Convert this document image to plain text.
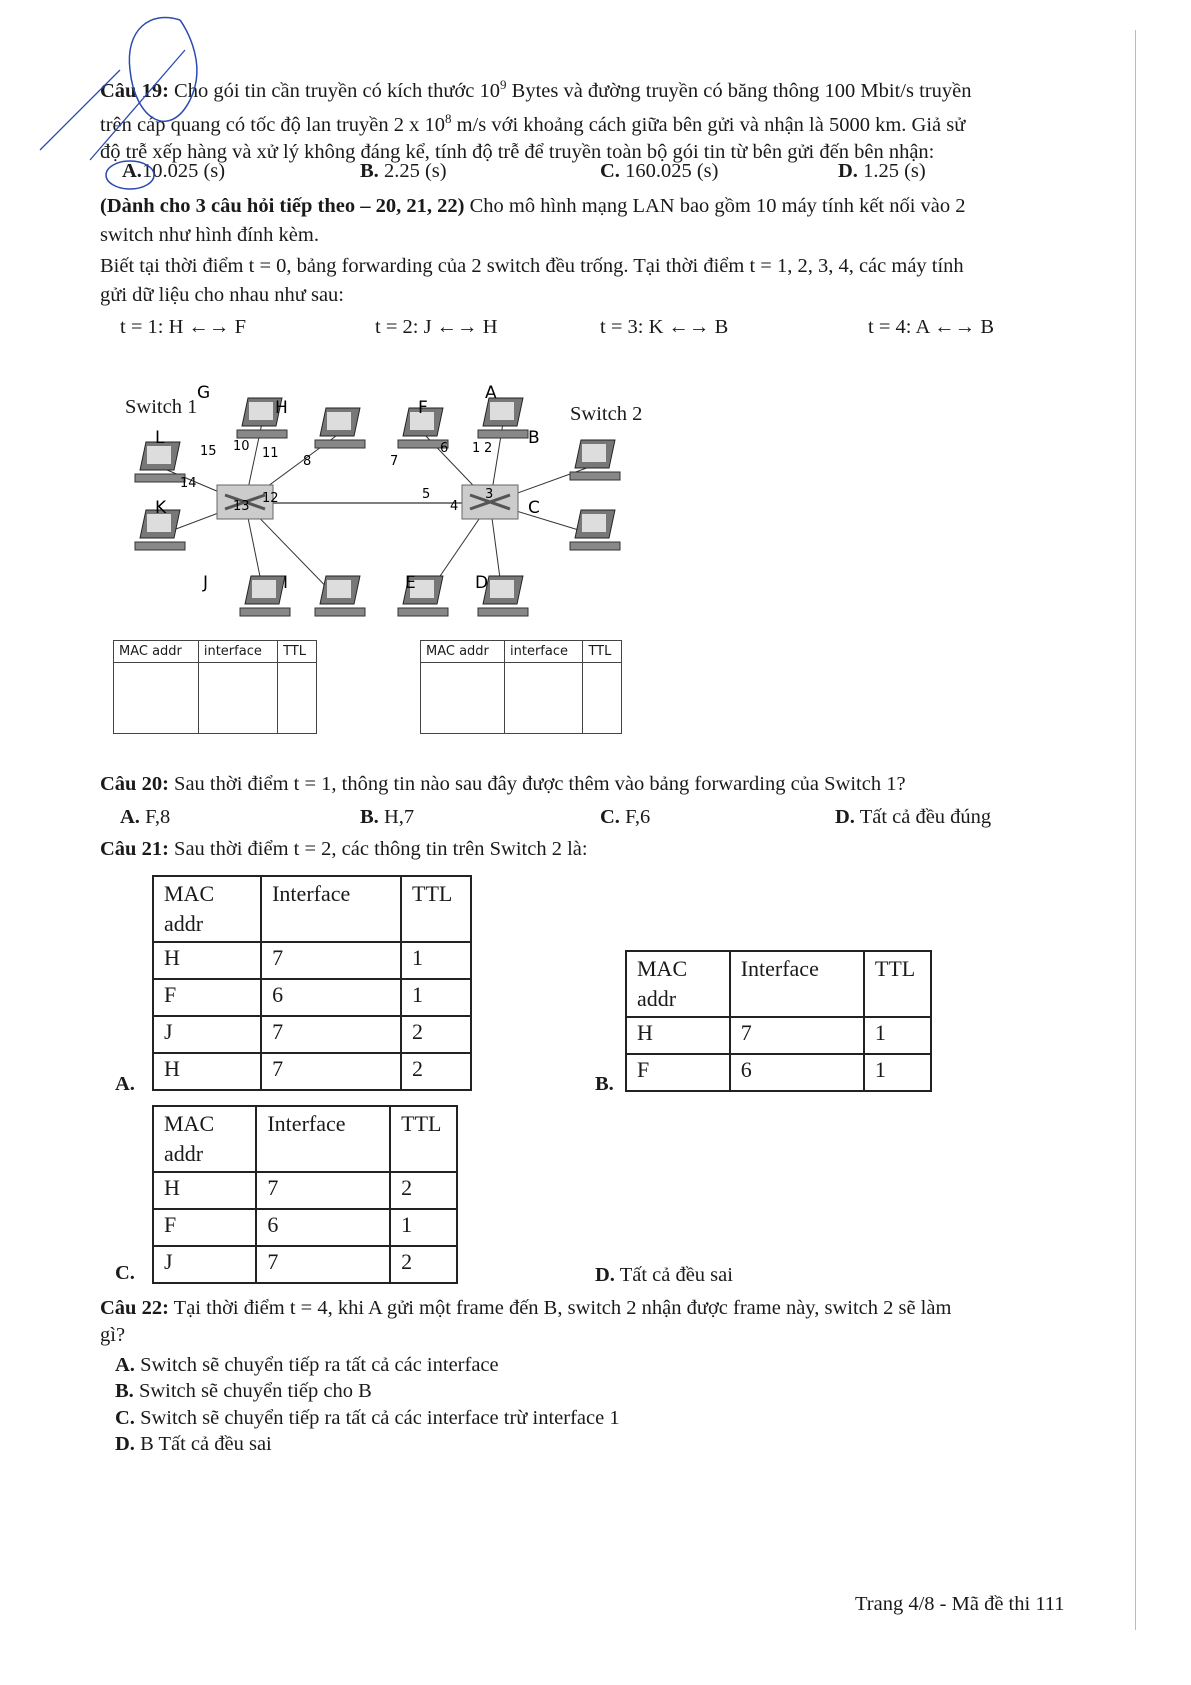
Câu 19: Cho gói tin cần truyền có kích thước $10^9$ Bytes và đường truyền có băng thông 100 Mbit/s truyền
trên cáp quang có tốc độ lan truyền 2 x $10^8$ m/s với khoảng cách giữa bên gửi và nhận là 5000 km. Giả sử
độ trễ xếp hàng và xử lý không đáng kể, tính độ trễ để truyền toàn bộ gói tin từ bên gửi đến bên nhận:
A.10.025 (s)	B. 2.25 (s)	C. 160.025 (s)	D. 1.25 (s)
(Dành cho 3 câu hỏi tiếp theo – 20, 21, 22) Cho mô hình mạng LAN bao gồm 10 máy tính kết nối vào 2
switch như hình đính kèm.
Biết tại thời điểm t = 0, bảng forwarding của 2 switch đều trống. Tại thời điểm t = 1, 2, 3, 4, các máy tính
gửi dữ liệu cho nhau như sau:
t = 1: H ←→ F	t = 2: J ←→ H	t = 3: K ←→ B	t = 4: A ←→ B
G
H
L
K
J	I
F
A
B
C
E	D
10 11
15
14
13
12
6 1 2
3
5
4
8	7
Switch 1	Switch 2
MAC addr	interface	TTL
			MAC addr	interface	TTL

Câu 20: Sau thời điểm t = 1, thông tin nào sau đây được thêm vào bảng forwarding của Switch 1?
A. F,8	B. H,7	C. F,6	D. Tất cả đều đúng
Câu 21: Sau thời điểm t = 2, các thông tin trên Switch 2 là:
MAC addr	Interface	TTL
H	7	1
F	6	1
J	7	2
H	7	2
A.
MAC addr	Interface	TTL
H	7	1
F	6	1
B.
MAC addr	Interface	TTL
H	7	2
F	6	1
J	7	2
C.	D. Tất cả đều sai
Câu 22: Tại thời điểm t = 4, khi A gửi một frame đến B, switch 2 nhận được frame này, switch 2 sẽ làm
gì?
A. Switch sẽ chuyển tiếp ra tất cả các interface
B. Switch sẽ chuyển tiếp cho B
C. Switch sẽ chuyển tiếp ra tất cả các interface trừ interface 1
D. B Tất cả đều sai
Trang 4/8 - Mã đề thi 111
